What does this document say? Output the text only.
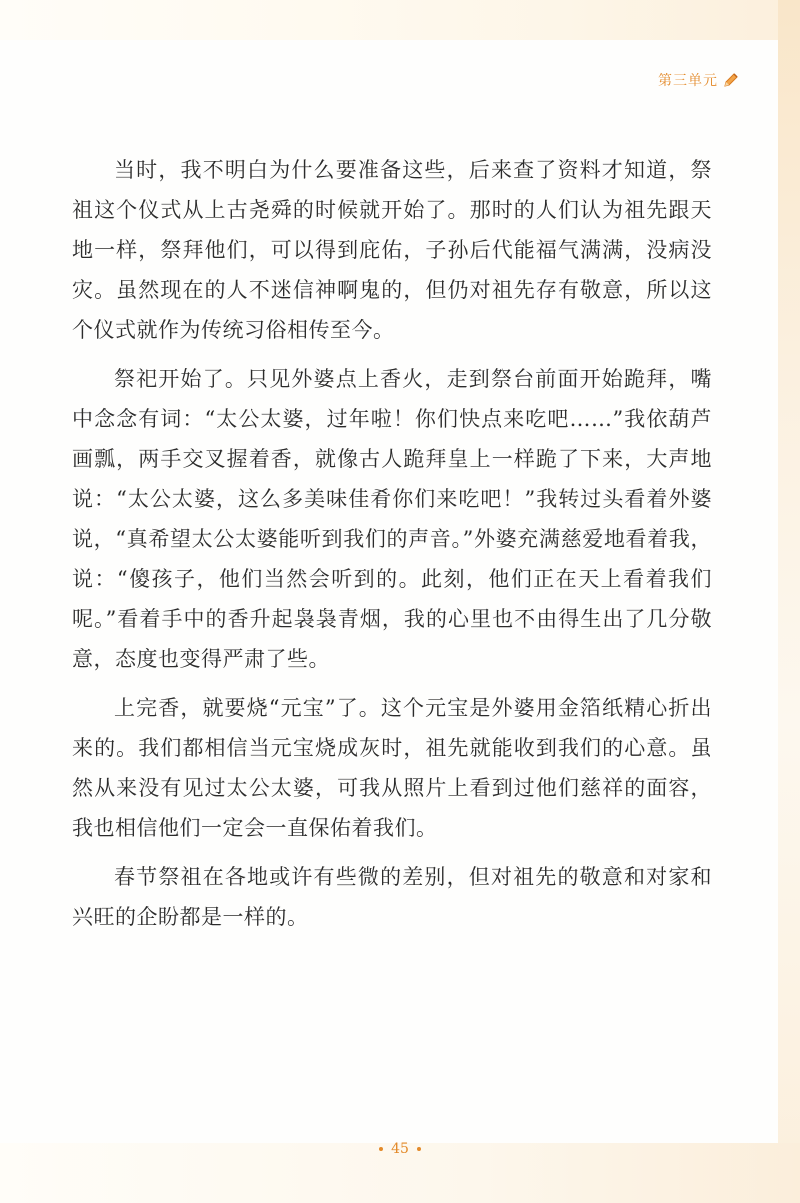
第三单元

当时，我不明白为什么要准备这些，后来查了资料才知道，祭祖这个仪式从上古尧舜的时候就开始了。那时的人们认为祖先跟天地一样，祭拜他们，可以得到庇佑，子孙后代能福气满满，没病没灾。虽然现在的人不迷信神啊鬼的，但仍对祖先存有敬意，所以这个仪式就作为传统习俗相传至今。

祭祀开始了。只见外婆点上香火，走到祭台前面开始跪拜，嘴中念念有词：“太公太婆，过年啦！你们快点来吃吧……”我依葫芦画瓢，两手交叉握着香，就像古人跪拜皇上一样跪了下来，大声地说：“太公太婆，这么多美味佳肴你们来吃吧！”我转过头看着外婆说，“真希望太公太婆能听到我们的声音。”外婆充满慈爱地看着我，说：“傻孩子，他们当然会听到的。此刻，他们正在天上看着我们呢。”看着手中的香升起袅袅青烟，我的心里也不由得生出了几分敬意，态度也变得严肃了些。

上完香，就要烧“元宝”了。这个元宝是外婆用金箔纸精心折出来的。我们都相信当元宝烧成灰时，祖先就能收到我们的心意。虽然从来没有见过太公太婆，可我从照片上看到过他们慈祥的面容，我也相信他们一定会一直保佑着我们。

春节祭祖在各地或许有些微的差别，但对祖先的敬意和对家和兴旺的企盼都是一样的。

45
